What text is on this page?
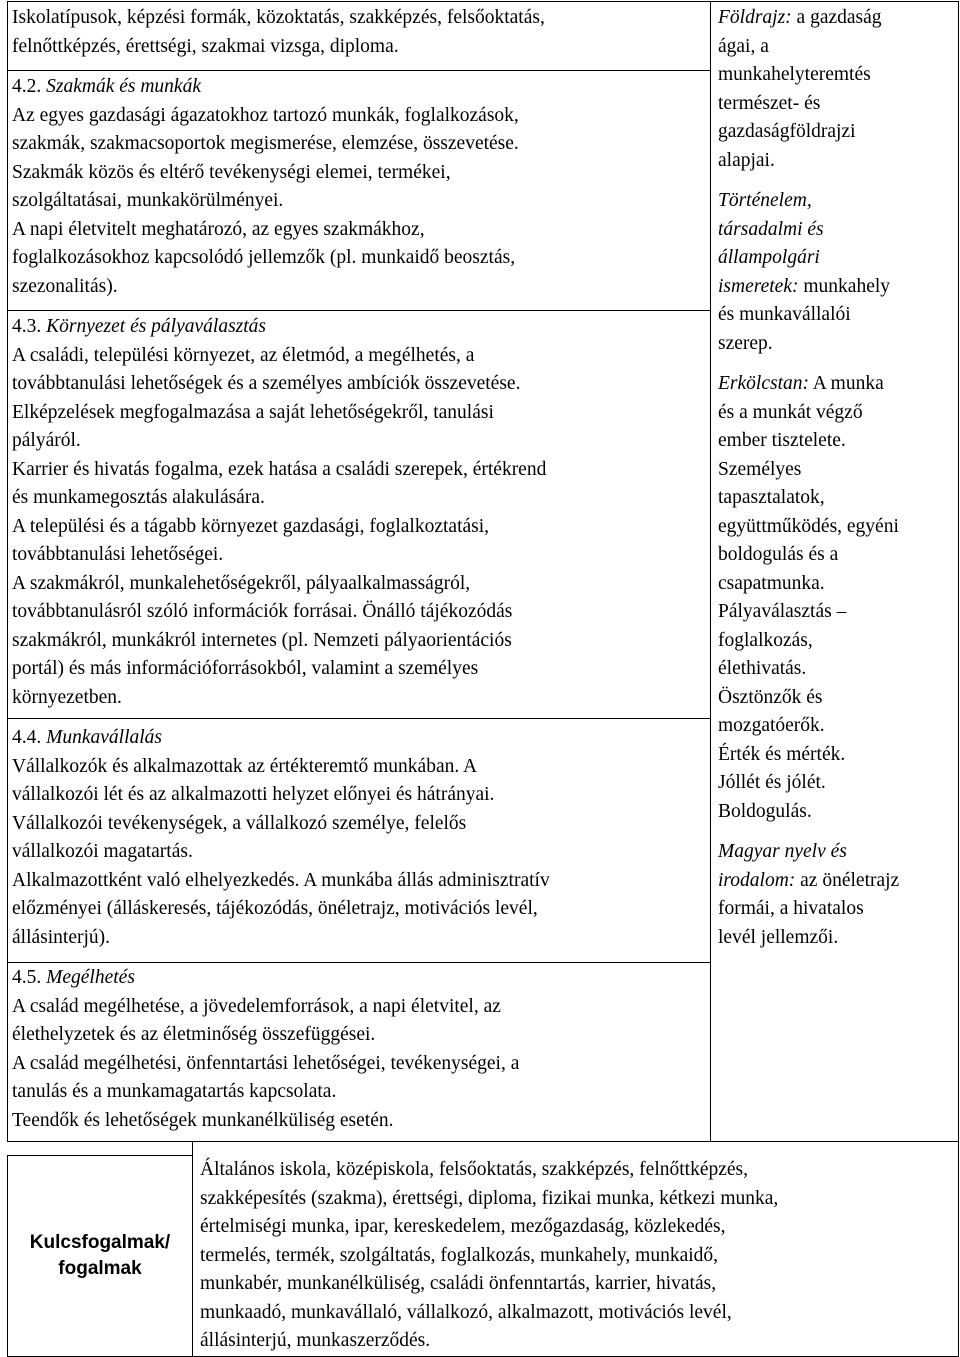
Iskolatípusok, képzési formák, közoktatás, szakképzés, felsőoktatás,

felnőttképzés, érettségi, szakmai vizsga, diploma.

4.2. Szakmák és munkák

Az egyes gazdasági ágazatokhoz tartozó munkák, foglalkozások,

szakmák, szakmacsoportok megismerése, elemzése, összevetése.

Szakmák közös és eltérő tevékenységi elemei, termékei,

szolgáltatásai, munkakörülményei.

A napi életvitelt meghatározó, az egyes szakmákhoz,

foglalkozásokhoz kapcsolódó jellemzők (pl. munkaidő beosztás,

szezonalitás).

4.3. Környezet és pályaválasztás

A családi, települési környezet, az életmód, a megélhetés, a

továbbtanulási lehetőségek és a személyes ambíciók összevetése.

Elképzelések megfogalmazása a saját lehetőségekről, tanulási

pályáról.

Karrier és hivatás fogalma, ezek hatása a családi szerepek, értékrend

és munkamegosztás alakulására.

A települési és a tágabb környezet gazdasági, foglalkoztatási,

továbbtanulási lehetőségei.

A szakmákról, munkalehetőségekről, pályaalkalmasságról,

továbbtanulásról szóló információk forrásai. Önálló tájékozódás

szakmákról, munkákról internetes (pl. Nemzeti pályaorientációs

portál) és más információforrásokból, valamint a személyes

környezetben.

4.4. Munkavállalás

Vállalkozók és alkalmazottak az értékteremtő munkában. A

vállalkozói lét és az alkalmazotti helyzet előnyei és hátrányai.

Vállalkozói tevékenységek, a vállalkozó személye, felelős

vállalkozói magatartás.

Alkalmazottként való elhelyezkedés. A munkába állás adminisztratív

előzményei (álláskeresés, tájékozódás, önéletrajz, motivációs levél,

állásinterjú).

4.5. Megélhetés

A család megélhetése, a jövedelemforrások, a napi életvitel, az

élethelyzetek és az életminőség összefüggései.

A család megélhetési, önfenntartási lehetőségei, tevékenységei, a

tanulás és a munkamagatartás kapcsolata.

Teendők és lehetőségek munkanélküliség esetén.

Földrajz: a gazdaság

ágai, a

munkahelyteremtés

természet- és

gazdaságföldrajzi

alapjai.

Történelem,

társadalmi és

állampolgári

ismeretek: munkahely

és munkavállalói

szerep.

Erkölcstan: A munka

és a munkát végző

ember tisztelete.

Személyes

tapasztalatok,

együttműködés, egyéni

boldogulás és a

csapatmunka.

Pályaválasztás –

foglalkozás,

élethivatás.

Ösztönzők és

mozgatóerők.

Érték és mérték.

Jóllét és jólét.

Boldogulás.

Magyar nyelv és

irodalom: az önéletrajz

formái, a hivatalos

levél jellemzői.

Kulcsfogalmak/
fogalmak

Általános iskola, középiskola, felsőoktatás, szakképzés, felnőttképzés,

szakképesítés (szakma), érettségi, diploma, fizikai munka, kétkezi munka,

értelmiségi munka, ipar, kereskedelem, mezőgazdaság, közlekedés,

termelés, termék, szolgáltatás, foglalkozás, munkahely, munkaidő,

munkabér, munkanélküliség, családi önfenntartás, karrier, hivatás,

munkaadó, munkavállaló, vállalkozó, alkalmazott, motivációs levél,

állásinterjú, munkaszerződés.
